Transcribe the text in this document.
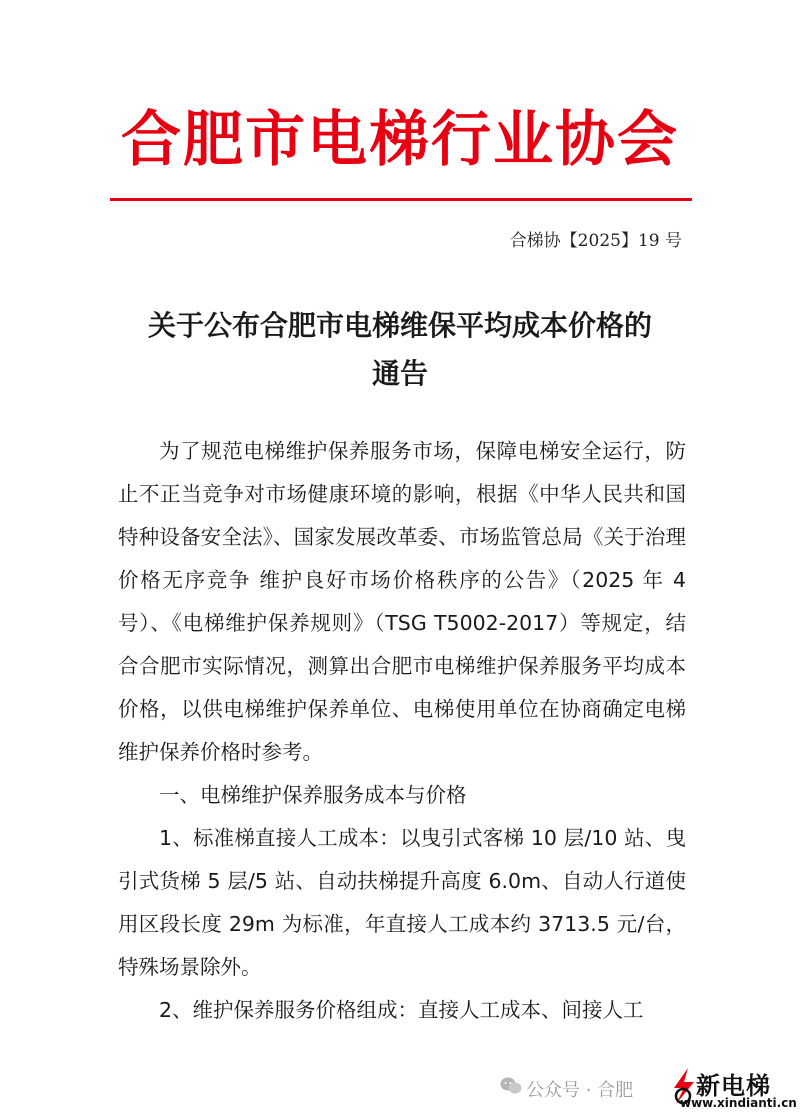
合肥市电梯行业协会
合梯协【2025】19 号
关于公布合肥市电梯维保平均成本价格的
通告

为了规范电梯维护保养服务市场，保障电梯安全运行，防止不正当竞争对市场健康环境的影响，根据《中华人民共和国特种设备安全法》、国家发展改革委、市场监管总局《关于治理价格无序竞争 维护良好市场价格秩序的公告》（2025 年 4 号）、《电梯维护保养规则》（TSG T5002-2017）等规定，结合合肥市实际情况，测算出合肥市电梯维护保养服务平均成本价格，以供电梯维护保养单位、电梯使用单位在协商确定电梯维护保养价格时参考。

一、电梯维护保养服务成本与价格

1、标准梯直接人工成本：以曳引式客梯 10 层/10 站、曳引式货梯 5 层/5 站、自动扶梯提升高度 6.0m、自动人行道使用区段长度 29m 为标准，年直接人工成本约 3713.5 元/台，特殊场景除外。

2、维护保养服务价格组成：直接人工成本、间接人工

公众号 · 合肥	新电梯
www.xindianti.cn
